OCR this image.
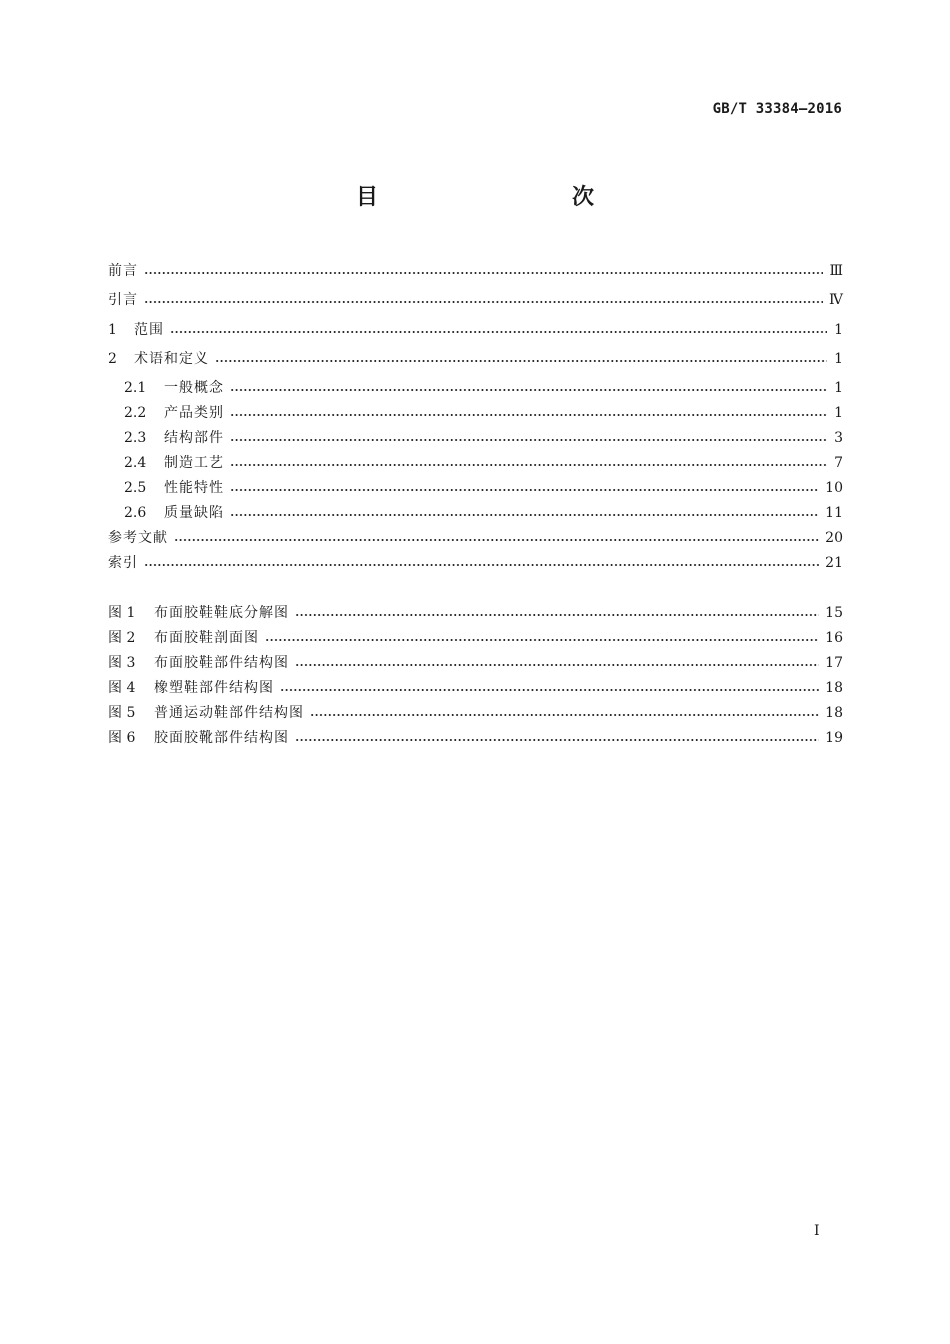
GB/T 33384—2016
目　　次
前言	Ⅲ
引言	Ⅳ
1	范围	1
2	术语和定义	1
2.1	一般概念	1
2.2	产品类别	1
2.3	结构部件	3
2.4	制造工艺	7
2.5	性能特性	10
2.6	质量缺陷	11
参考文献	20
索引	21
图 1	布面胶鞋鞋底分解图	15
图 2	布面胶鞋剖面图	16
图 3	布面胶鞋部件结构图	17
图 4	橡塑鞋部件结构图	18
图 5	普通运动鞋部件结构图	18
图 6	胶面胶靴部件结构图	19
I
